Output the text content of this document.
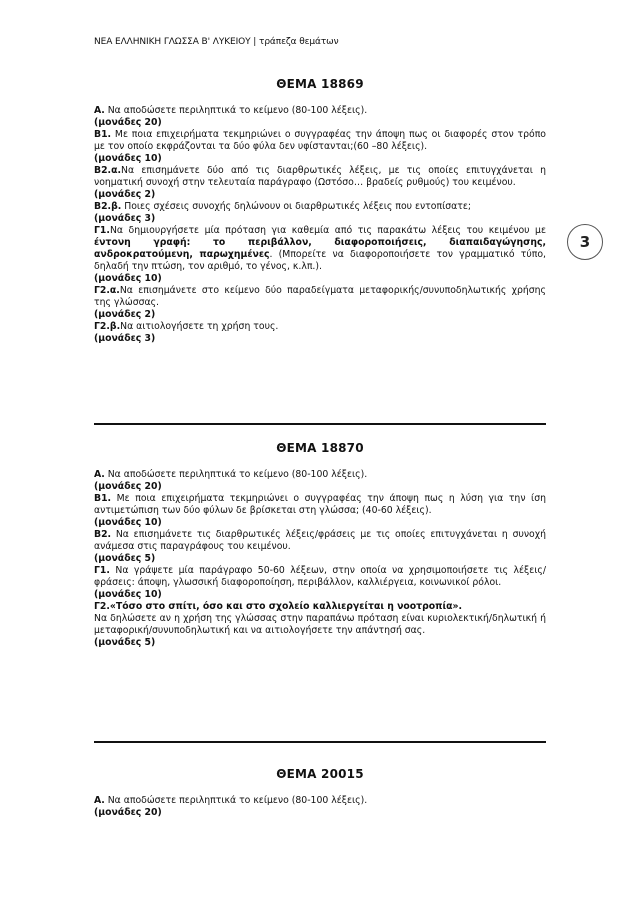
ΝΕΑ ΕΛΛΗΝΙΚΗ ΓΛΩΣΣΑ Β' ΛΥΚΕΙΟΥ | τράπεζα θεμάτων
3
ΘΕΜΑ 18869

Α. Να αποδώσετε περιληπτικά το κείμενο (80-100 λέξεις).

(μονάδες 20)

Β1. Με ποια επιχειρήματα τεκμηριώνει ο συγγραφέας την άποψη πως οι διαφορές στον τρόπο με τον οποίο εκφράζονται τα δύο φύλα δεν υφίστανται;(60 –80 λέξεις).

(μονάδες 10)

Β2.α.Να επισημάνετε δύο από τις διαρθρωτικές λέξεις, με τις οποίες επιτυγχάνεται η νοηματική συνοχή στην τελευταία παράγραφο (Ωστόσο… βραδείς ρυθμούς) του κειμένου.

(μονάδες 2)

Β2.β. Ποιες σχέσεις συνοχής δηλώνουν οι διαρθρωτικές λέξεις που εντοπίσατε;

(μονάδες 3)

Γ1.Να δημιουργήσετε μία πρόταση για καθεμία από τις παρακάτω λέξεις του κειμένου με έντονη γραφή: το περιβάλλον, διαφοροποιήσεις, διαπαιδαγώγησης, ανδροκρατούμενη, παρωχημένες. (Μπορείτε να διαφοροποιήσετε τον γραμματικό τύπο, δηλαδή την πτώση, τον αριθμό, το γένος, κ.λπ.).

(μονάδες 10)

Γ2.α.Να επισημάνετε στο κείμενο δύο παραδείγματα μεταφορικής/συνυποδηλωτικής χρήσης της γλώσσας.

(μονάδες 2)

Γ2.β.Να αιτιολογήσετε τη χρήση τους.

(μονάδες 3)

ΘΕΜΑ 18870

Α. Να αποδώσετε περιληπτικά το κείμενο (80-100 λέξεις).

(μονάδες 20)

Β1. Με ποια επιχειρήματα τεκμηριώνει ο συγγραφέας την άποψη πως η λύση για την ίση αντιμετώπιση των δύο φύλων δε βρίσκεται στη γλώσσα; (40-60 λέξεις).

(μονάδες 10)

Β2. Να επισημάνετε τις διαρθρωτικές λέξεις/φράσεις με τις οποίες επιτυγχάνεται η συνοχή ανάμεσα στις παραγράφους του κειμένου.

(μονάδες 5)

Γ1. Να γράψετε μία παράγραφο 50-60 λέξεων, στην οποία να χρησιμοποιήσετε τις λέξεις/φράσεις: άποψη, γλωσσική διαφοροποίηση, περιβάλλον, καλλιέργεια, κοινωνικοί ρόλοι.

(μονάδες 10)

Γ2.«Τόσο στο σπίτι, όσο και στο σχολείο καλλιεργείται η νοοτροπία».

Να δηλώσετε αν η χρήση της γλώσσας στην παραπάνω πρόταση είναι κυριολεκτική/δηλωτική ή μεταφορική/συνυποδηλωτική και να αιτιολογήσετε την απάντησή σας.

(μονάδες 5)

ΘΕΜΑ 20015

Α. Να αποδώσετε περιληπτικά το κείμενο (80-100 λέξεις).

(μονάδες 20)
